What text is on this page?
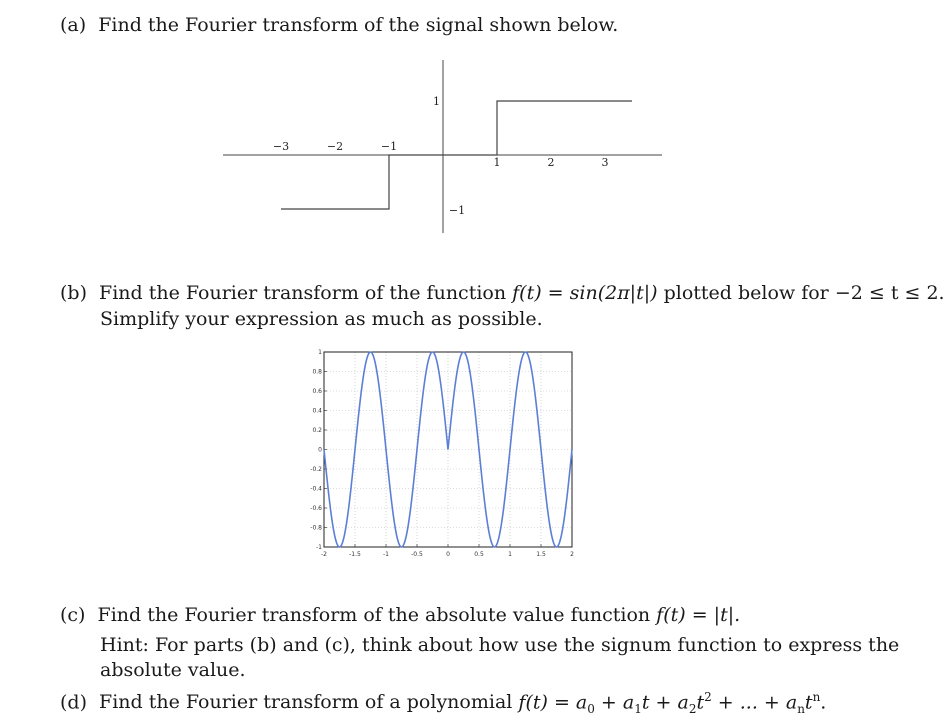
(a) Find the Fourier transform of the signal shown below.
−3	−2	−1
1	2	3
1
−1
(b) Find the Fourier transform of the function f(t) = sin(2π|t|) plotted below for −2 ≤ t ≤ 2.
Simplify your expression as much as possible.
-2	-1.5	-1	-0.5	0	0.5	1	1.5	2
1
0.8
0.6
0.4
0.2
0
-0.2
-0.4
-0.6
-0.8
-1
(c) Find the Fourier transform of the absolute value function f(t) = |t|.
Hint: For parts (b) and (c), think about how use the signum function to express the
absolute value.
(d) Find the Fourier transform of a polynomial $f(t) = a_0 + a_1t + a_2t^2$ + ... + $a_nt^n$.
